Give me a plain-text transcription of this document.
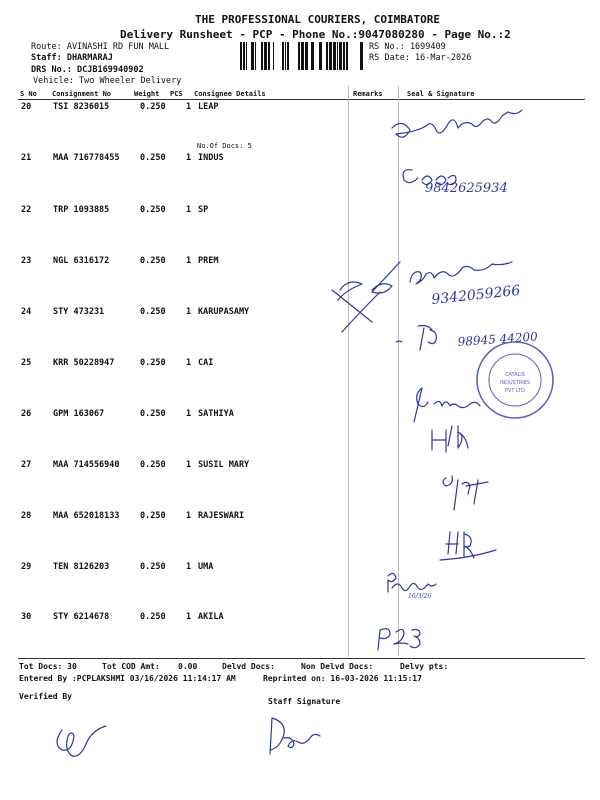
THE PROFESSIONAL COURIERS, COIMBATORE
Delivery Runsheet - PCP - Phone No.:9047080280 - Page No.:2
Route: AVINASHI RD FUN MALL
Staff: DHARMARAJ
DRS No.: DCJB169940902
Vehicle: Two Wheeler Delivery
RS No.: 1699409
RS Date: 16-Mar-2026
S No Consignment No	Weight PCS Consignee Details	Remarks	Seal & Signature
20	TSI 8236015	0.250 1 LEAP
No.Of Docs: 5
21	MAA 716778455 0.250 1 INDUS
22	TRP 1093885	0.250 1 SP
23	NGL 6316172	0.250 1 PREM
24	STY 473231	0.250 1 KARUPASAMY
25	KRR 50228947	0.250 1 CAI
26	GPM 163067	0.250 1 SATHIYA
27	MAA 714556940 0.250 1 SUSIL MARY
28	MAA 652018133 0.250 1 RAJESWARI
29	TEN 8126203	0.250 1 UMA
30	STY 6214678	0.250 1 AKILA
Tot Docs: 30	Tot COD Amt: 0.00	Delvd Docs:	Non Delvd Docs:	Delvy pts:
Entered By :PCPLAKSHMI 03/16/2026 11:14:17 AM	Reprinted on: 16-03-2026 11:15:17
Verified By
Staff Signature
9842625934
9342059266
98945 44200
CATALIS
INDUSTRIES
PVT LTD
16/3/26
